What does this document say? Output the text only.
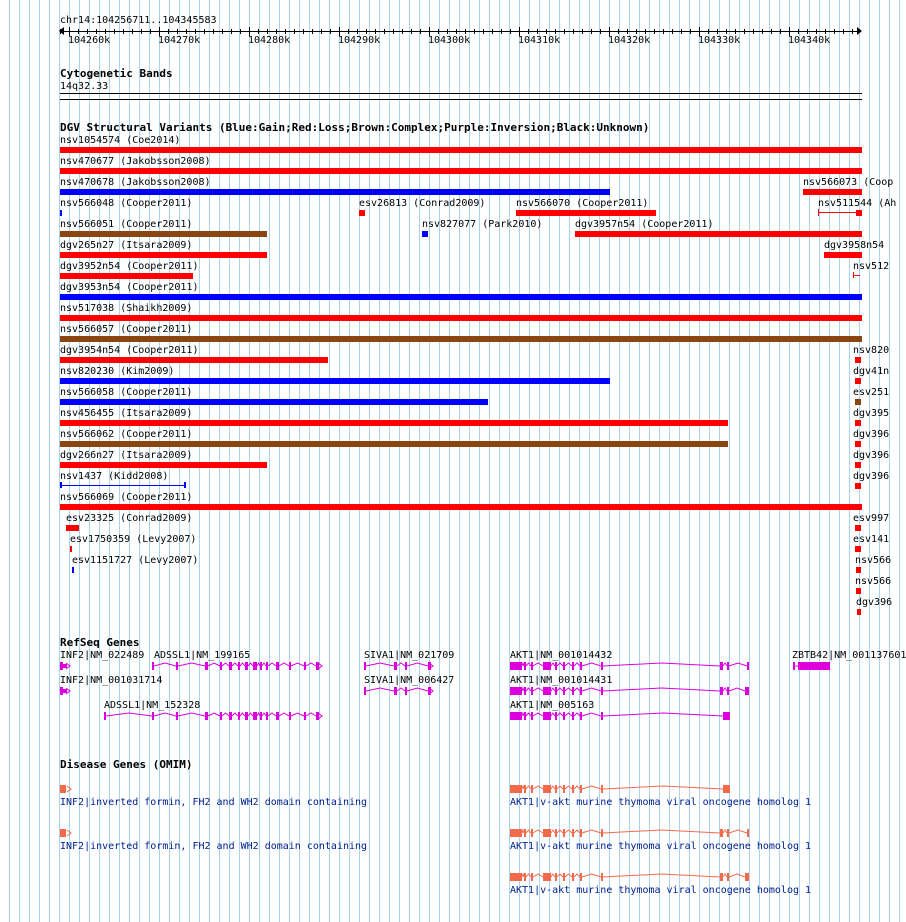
chr14:104256711..104345583
104260k	104270k	104280k	104290k	104300k	104310k	104320k	104330k	104340k
Cytogenetic Bands
14q32.33
DGV Structural Variants (Blue:Gain;Red:Loss;Brown:Complex;Purple:Inversion;Black:Unknown)
nsv1054574 (Coe2014)
nsv470677 (Jakobsson2008)
nsv470678 (Jakobsson2008)	nsv566073 (Coop
nsv566048 (Cooper2011)	esv26813 (Conrad2009)	nsv566070 (Cooper2011)	nsv511544 (Ah
nsv566051 (Cooper2011)	nsv827077 (Park2010)	dgv3957n54 (Cooper2011)
dgv265n27 (Itsara2009)	dgv3958n54
dgv3952n54 (Cooper2011)	nsv512
dgv3953n54 (Cooper2011)
nsv517038 (Shaikh2009)
nsv566057 (Cooper2011)
dgv3954n54 (Cooper2011)	nsv820
nsv820230 (Kim2009)	dgv41n
nsv566058 (Cooper2011)	esv251
nsv456455 (Itsara2009)	dgv395
nsv566062 (Cooper2011)	dgv396
dgv266n27 (Itsara2009)	dgv396
nsv1437 (Kidd2008)	dgv396
nsv566069 (Cooper2011)
esv23325 (Conrad2009)	esv997
esv1750359 (Levy2007)	esv141
esv1151727 (Levy2007)	nsv566
nsv566
dgv396
RefSeq Genes
INF2|NM_022489 ADSSL1|NM_199165	SIVA1|NM_021709	AKT1|NM_001014432	ZBTB42|NM_001137601
INF2|NM_001031714	SIVA1|NM_006427	AKT1|NM_001014431
ADSSL1|NM_152328	AKT1|NM_005163
Disease Genes (OMIM)
INF2|inverted formin, FH2 and WH2 domain containing	AKT1|v-akt murine thymoma viral oncogene homolog 1
INF2|inverted formin, FH2 and WH2 domain containing	AKT1|v-akt murine thymoma viral oncogene homolog 1
AKT1|v-akt murine thymoma viral oncogene homolog 1
